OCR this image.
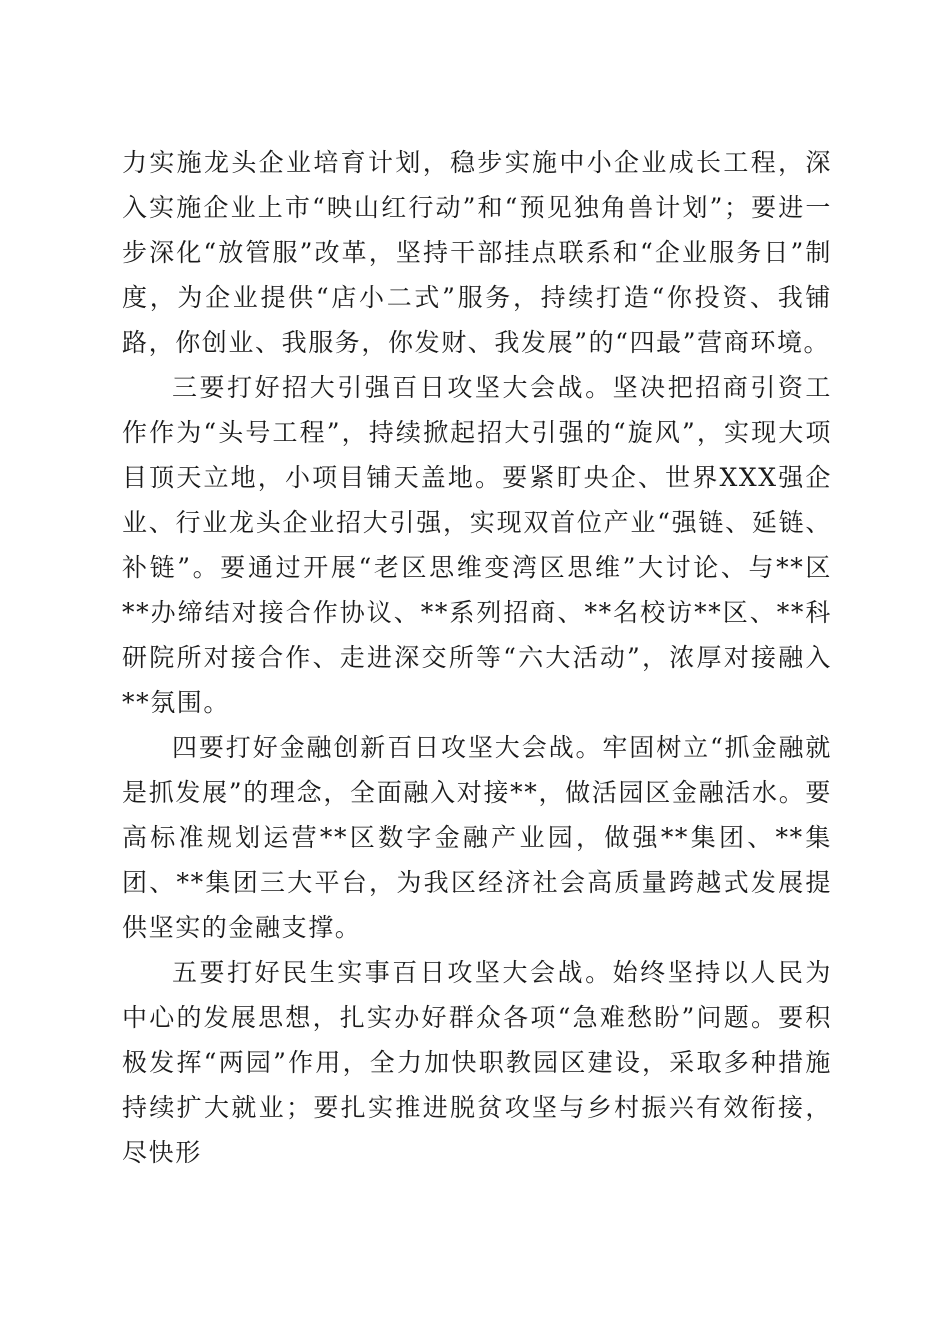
力实施龙头企业培育计划，稳步实施中小企业成长工程，深入实施企业上市“映山红行动”和“预见独角兽计划”；要进一步深化“放管服”改革，坚持干部挂点联系和“企业服务日”制度，为企业提供“店小二式”服务，持续打造“你投资、我铺路，你创业、我服务，你发财、我发展”的“四最”营商环境。

三要打好招大引强百日攻坚大会战。坚决把招商引资工作作为“头号工程”，持续掀起招大引强的“旋风”，实现大项目顶天立地，小项目铺天盖地。要紧盯央企、世界XXX强企业、行业龙头企业招大引强，实现双首位产业“强链、延链、补链”。要通过开展“老区思维变湾区思维”大讨论、与**区**办缔结对接合作协议、**系列招商、**名校访**区、**科研院所对接合作、走进深交所等“六大活动”，浓厚对接融入**氛围。

四要打好金融创新百日攻坚大会战。牢固树立“抓金融就是抓发展”的理念，全面融入对接**，做活园区金融活水。要高标准规划运营**区数字金融产业园，做强**集团、**集团、**集团三大平台，为我区经济社会高质量跨越式发展提供坚实的金融支撑。

五要打好民生实事百日攻坚大会战。始终坚持以人民为中心的发展思想，扎实办好群众各项“急难愁盼”问题。要积极发挥“两园”作用，全力加快职教园区建设，采取多种措施持续扩大就业；要扎实推进脱贫攻坚与乡村振兴有效衔接，尽快形
